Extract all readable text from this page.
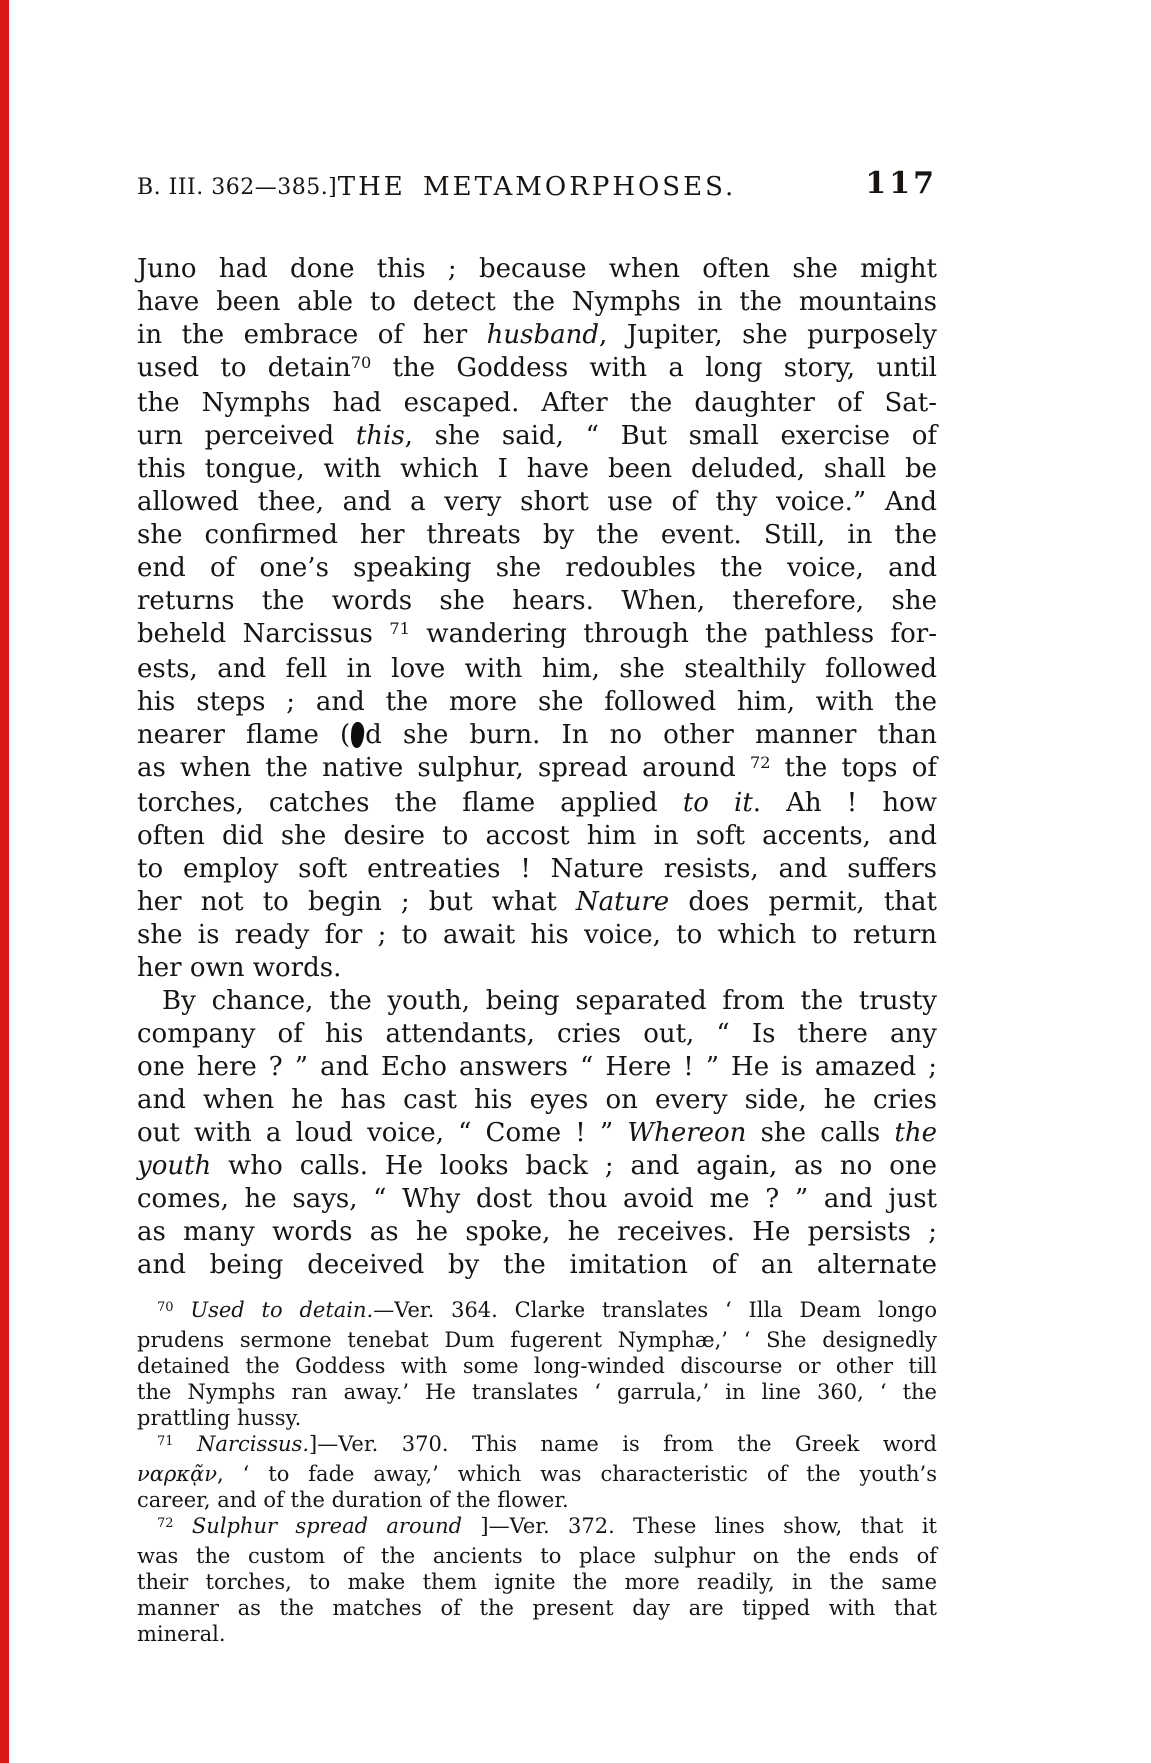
B. III. 362—385.] THE METAMORPHOSES.	117
Juno had done this ; because when often she might
have been able to detect the Nymphs in the mountains
in the embrace of her husband, Jupiter, she purposely
used to detain$^{70}$ the Goddess with a long story, until
the Nymphs had escaped. After the daughter of Sat-
urn perceived this, she said, “ But small exercise of
this tongue, with which I have been deluded, shall be
allowed thee, and a very short use of thy voice.” And
she confirmed her threats by the event. Still, in the
end of one’s speaking she redoubles the voice, and
returns the words she hears. When, therefore, she
beheld Narcissus $^{71}$ wandering through the pathless for-
ests, and fell in love with him, she stealthily followed
his steps ; and the more she followed him, with the
nearer flame ( d she burn. In no other manner than
as when the native sulphur, spread around $^{72}$ the tops of
torches, catches the flame applied to it. Ah ! how
often did she desire to accost him in soft accents, and
to employ soft entreaties ! Nature resists, and suffers
her not to begin ; but what Nature does permit, that
she is ready for ; to await his voice, to which to return
her own words.
By chance, the youth, being separated from the trusty
company of his attendants, cries out, “ Is there any
one here ? ” and Echo answers “ Here ! ” He is amazed ;
and when he has cast his eyes on every side, he cries
out with a loud voice, “ Come ! ” Whereon she calls the
youth who calls. He looks back ; and again, as no one
comes, he says, “ Why dost thou avoid me ? ” and just
as many words as he spoke, he receives. He persists ;
and being deceived by the imitation of an alternate
$^{70}$ Used to detain.—Ver. 364. Clarke translates ‘ Illa Deam longo
prudens sermone tenebat Dum fugerent Nymphæ,’ ‘ She designedly
detained the Goddess with some long-winded discourse or other till
the Nymphs ran away.’ He translates ‘ garrula,’ in line 360, ‘ the
prattling hussy.
$^{71}$ Narcissus.]—Ver. 370. This name is from the Greek word
ναρκᾷν, ‘ to fade away,’ which was characteristic of the youth’s
career, and of the duration of the flower.
$^{72}$ Sulphur spread around ]—Ver. 372. These lines show, that it
was the custom of the ancients to place sulphur on the ends of
their torches, to make them ignite the more readily, in the same
manner as the matches of the present day are tipped with that
mineral.
